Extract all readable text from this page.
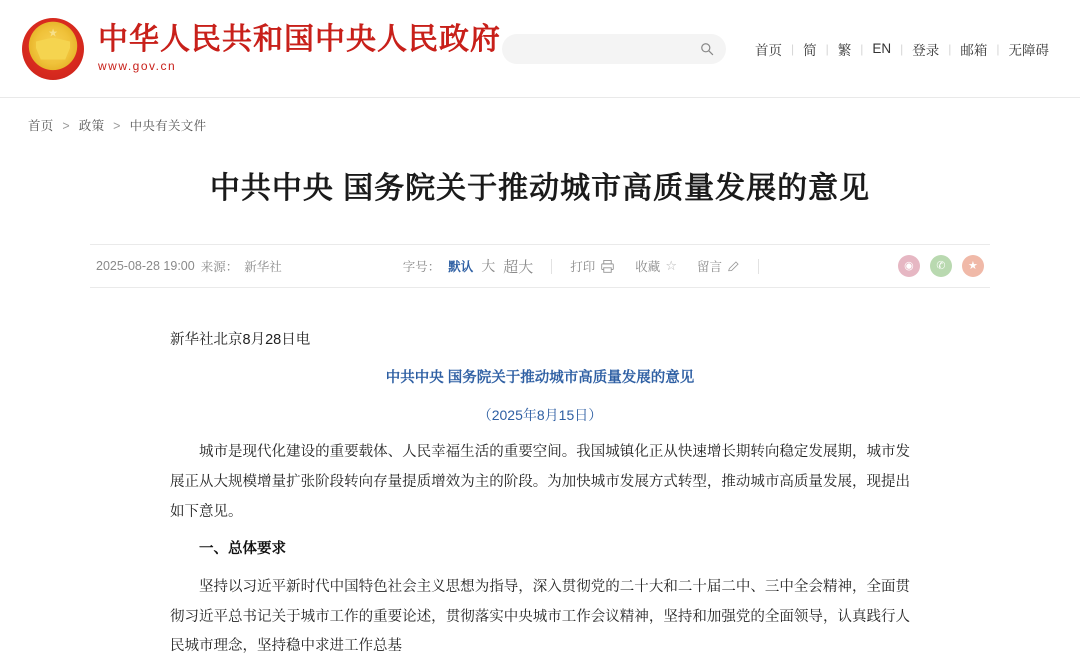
★
中华人民共和国中央人民政府
www.gov.cn
首页 | 简 | 繁 | EN | 登录 | 邮箱 | 无障碍
首页 > 政策 > 中央有关文件
中共中央 国务院关于推动城市高质量发展的意见
2025-08-28 19:00 来源： 新华社	字号： 默认 大 超大	打印	收藏 ☆ 留言	◉	✆	★

新华社北京8月28日电

中共中央 国务院关于推动城市高质量发展的意见

（2025年8月15日）

城市是现代化建设的重要载体、人民幸福生活的重要空间。我国城镇化正从快速增长期转向稳定发展期，城市发展正从大规模增量扩张阶段转向存量提质增效为主的阶段。为加快城市发展方式转型，推动城市高质量发展，现提出如下意见。

一、总体要求

坚持以习近平新时代中国特色社会主义思想为指导，深入贯彻党的二十大和二十届二中、三中全会精神，全面贯彻习近平总书记关于城市工作的重要论述，贯彻落实中央城市工作会议精神，坚持和加强党的全面领导，认真践行人民城市理念，坚持稳中求进工作总基
